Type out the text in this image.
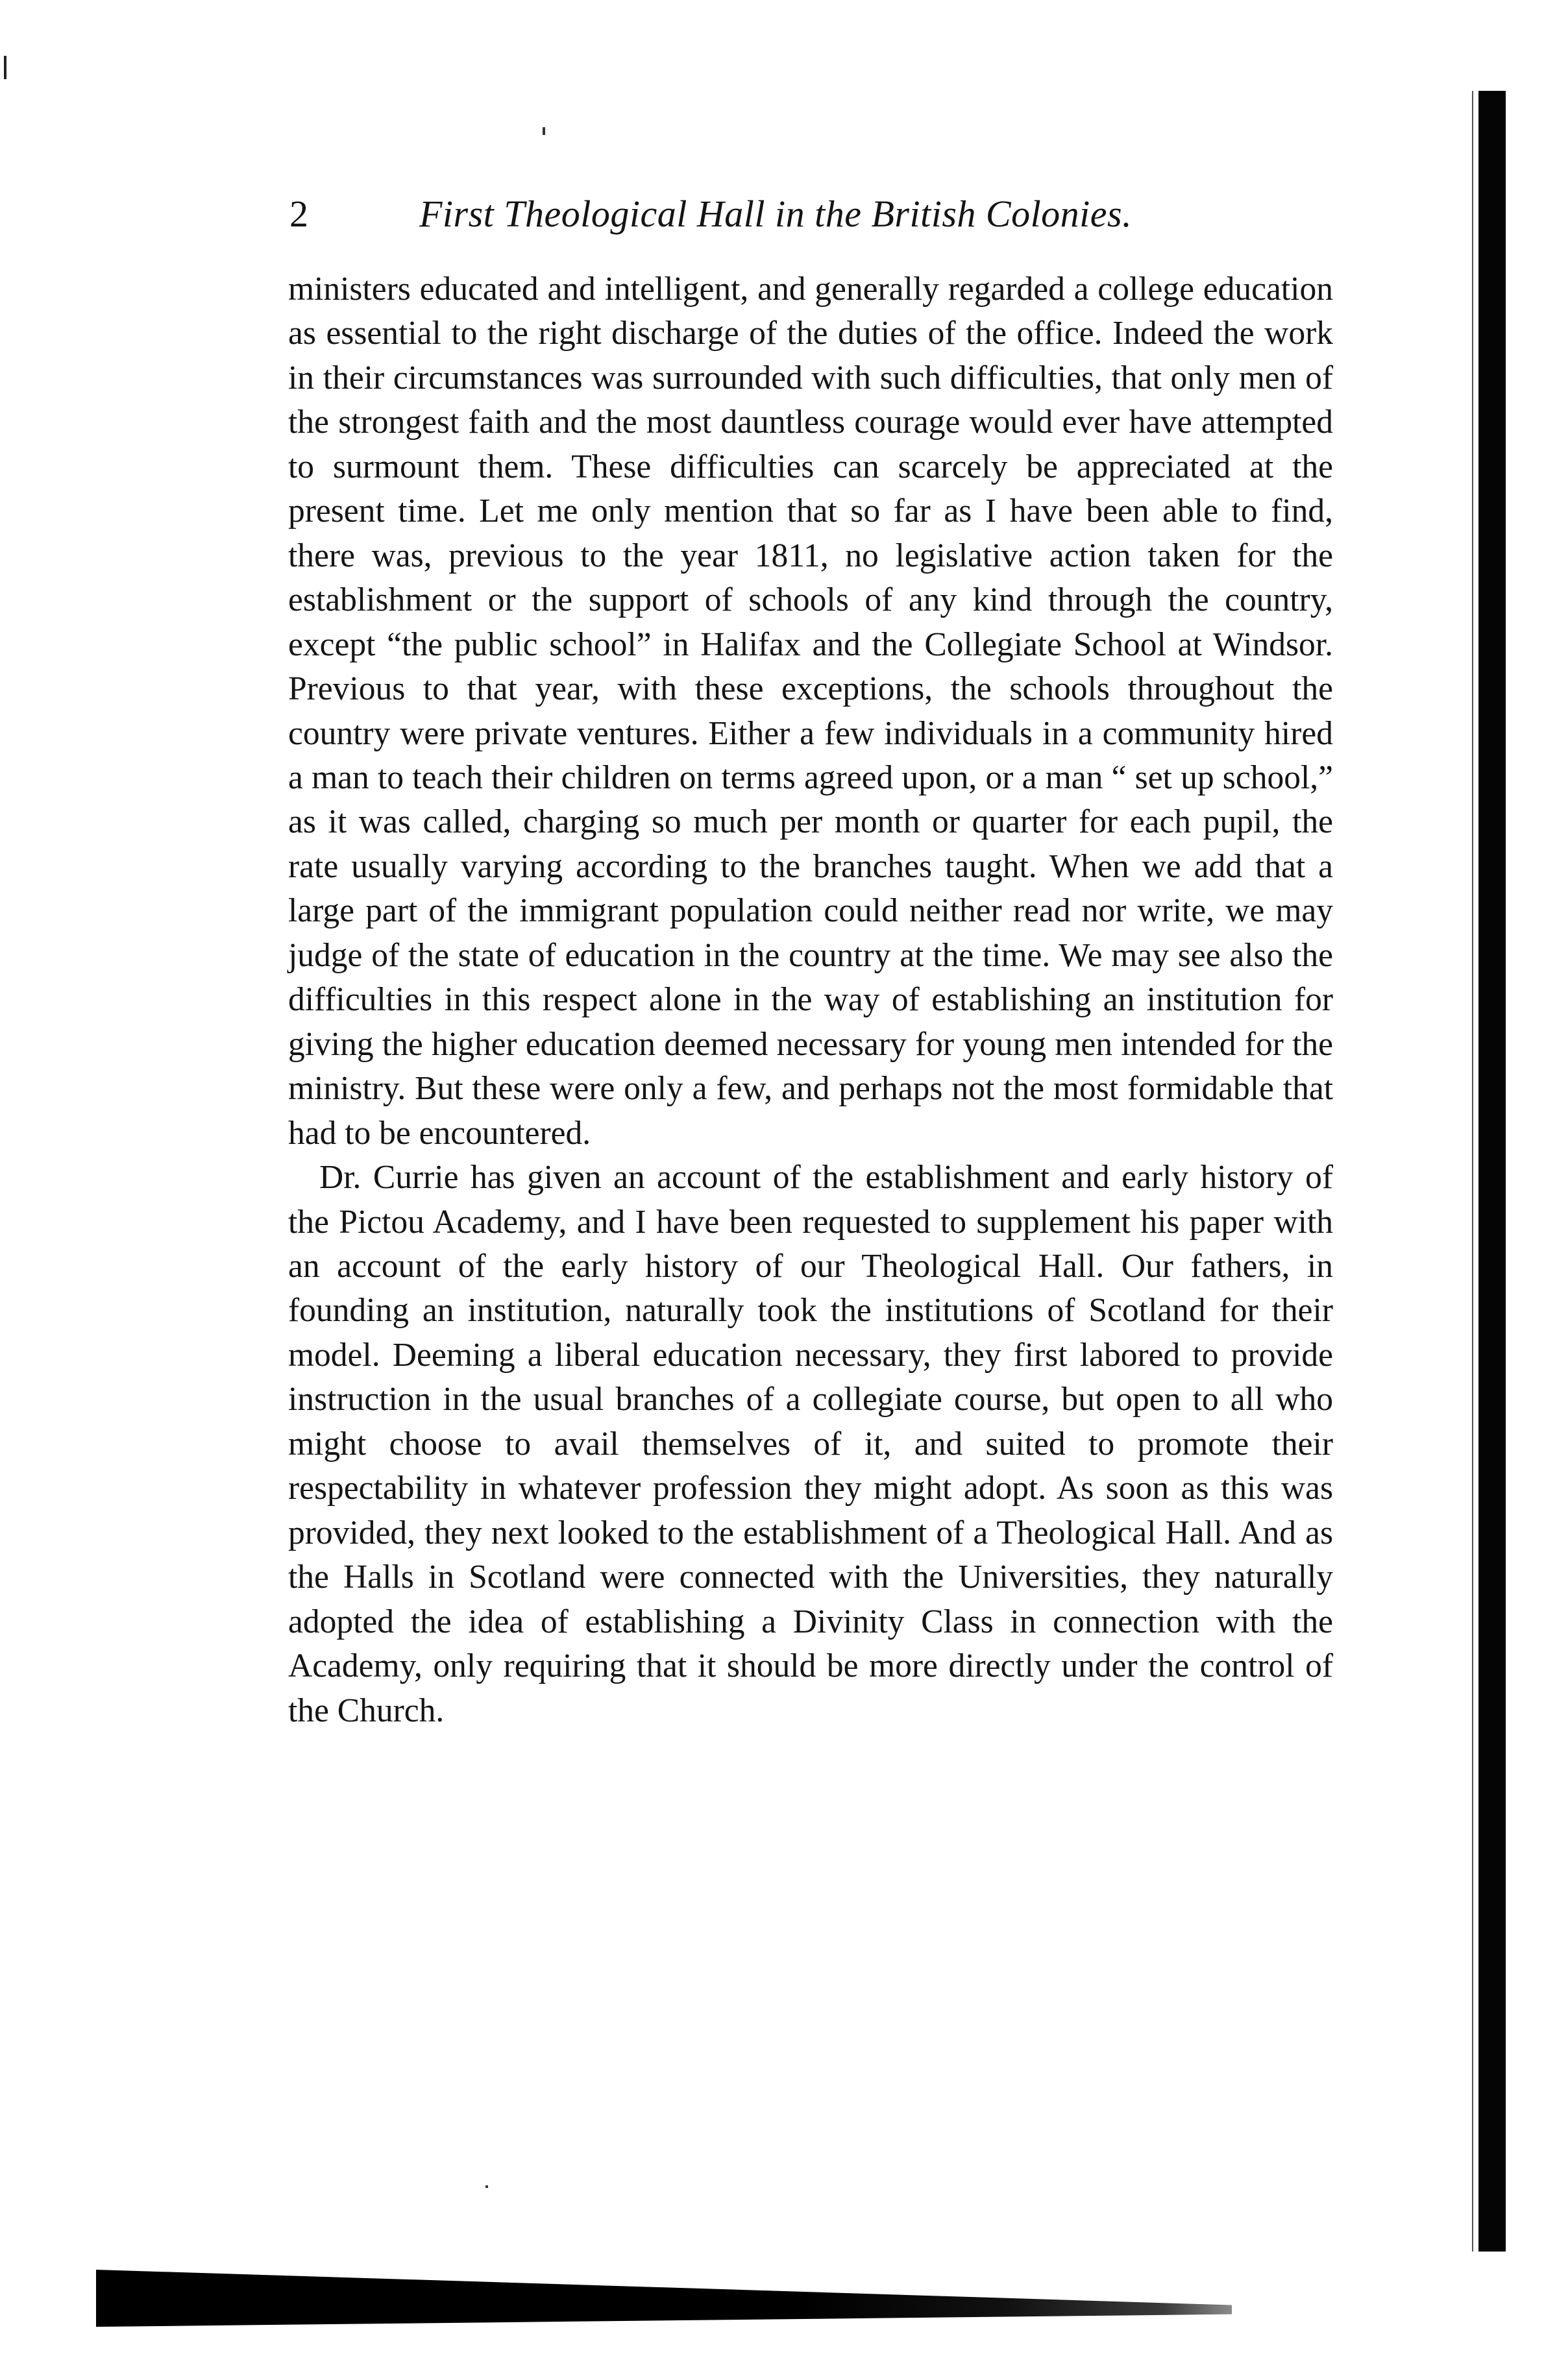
2	First Theological Hall in the British Colonies.

ministers educated and intelligent, and generally regarded a college education as essential to the right discharge of the duties of the office. Indeed the work in their circumstances was surrounded with such difficulties, that only men of the strongest faith and the most dauntless courage would ever have attempted to surmount them. These difficulties can scarcely be appreciated at the present time. Let me only mention that so far as I have been able to find, there was, previous to the year 1811, no legislative action taken for the establishment or the support of schools of any kind through the country, except “the public school” in Halifax and the Collegiate School at Windsor. Previous to that year, with these exceptions, the schools throughout the country were private ventures. Either a few individuals in a community hired a man to teach their children on terms agreed upon, or a man “ set up school,” as it was called, charging so much per month or quarter for each pupil, the rate usually varying according to the branches taught. When we add that a large part of the immigrant population could neither read nor write, we may judge of the state of education in the country at the time. We may see also the difficulties in this respect alone in the way of establishing an institution for giving the higher education deemed necessary for young men intended for the ministry. But these were only a few, and perhaps not the most formidable that had to be encountered.

Dr. Currie has given an account of the establishment and early history of the Pictou Academy, and I have been requested to supplement his paper with an account of the early history of our Theological Hall. Our fathers, in founding an institution, naturally took the institutions of Scotland for their model. Deeming a liberal education necessary, they first labored to provide instruction in the usual branches of a collegiate course, but open to all who might choose to avail themselves of it, and suited to promote their respectability in whatever profession they might adopt. As soon as this was provided, they next looked to the establishment of a Theological Hall. And as the Halls in Scotland were connected with the Universities, they naturally adopted the idea of establishing a Divinity Class in connection with the Academy, only requiring that it should be more directly under the control of the Church.
